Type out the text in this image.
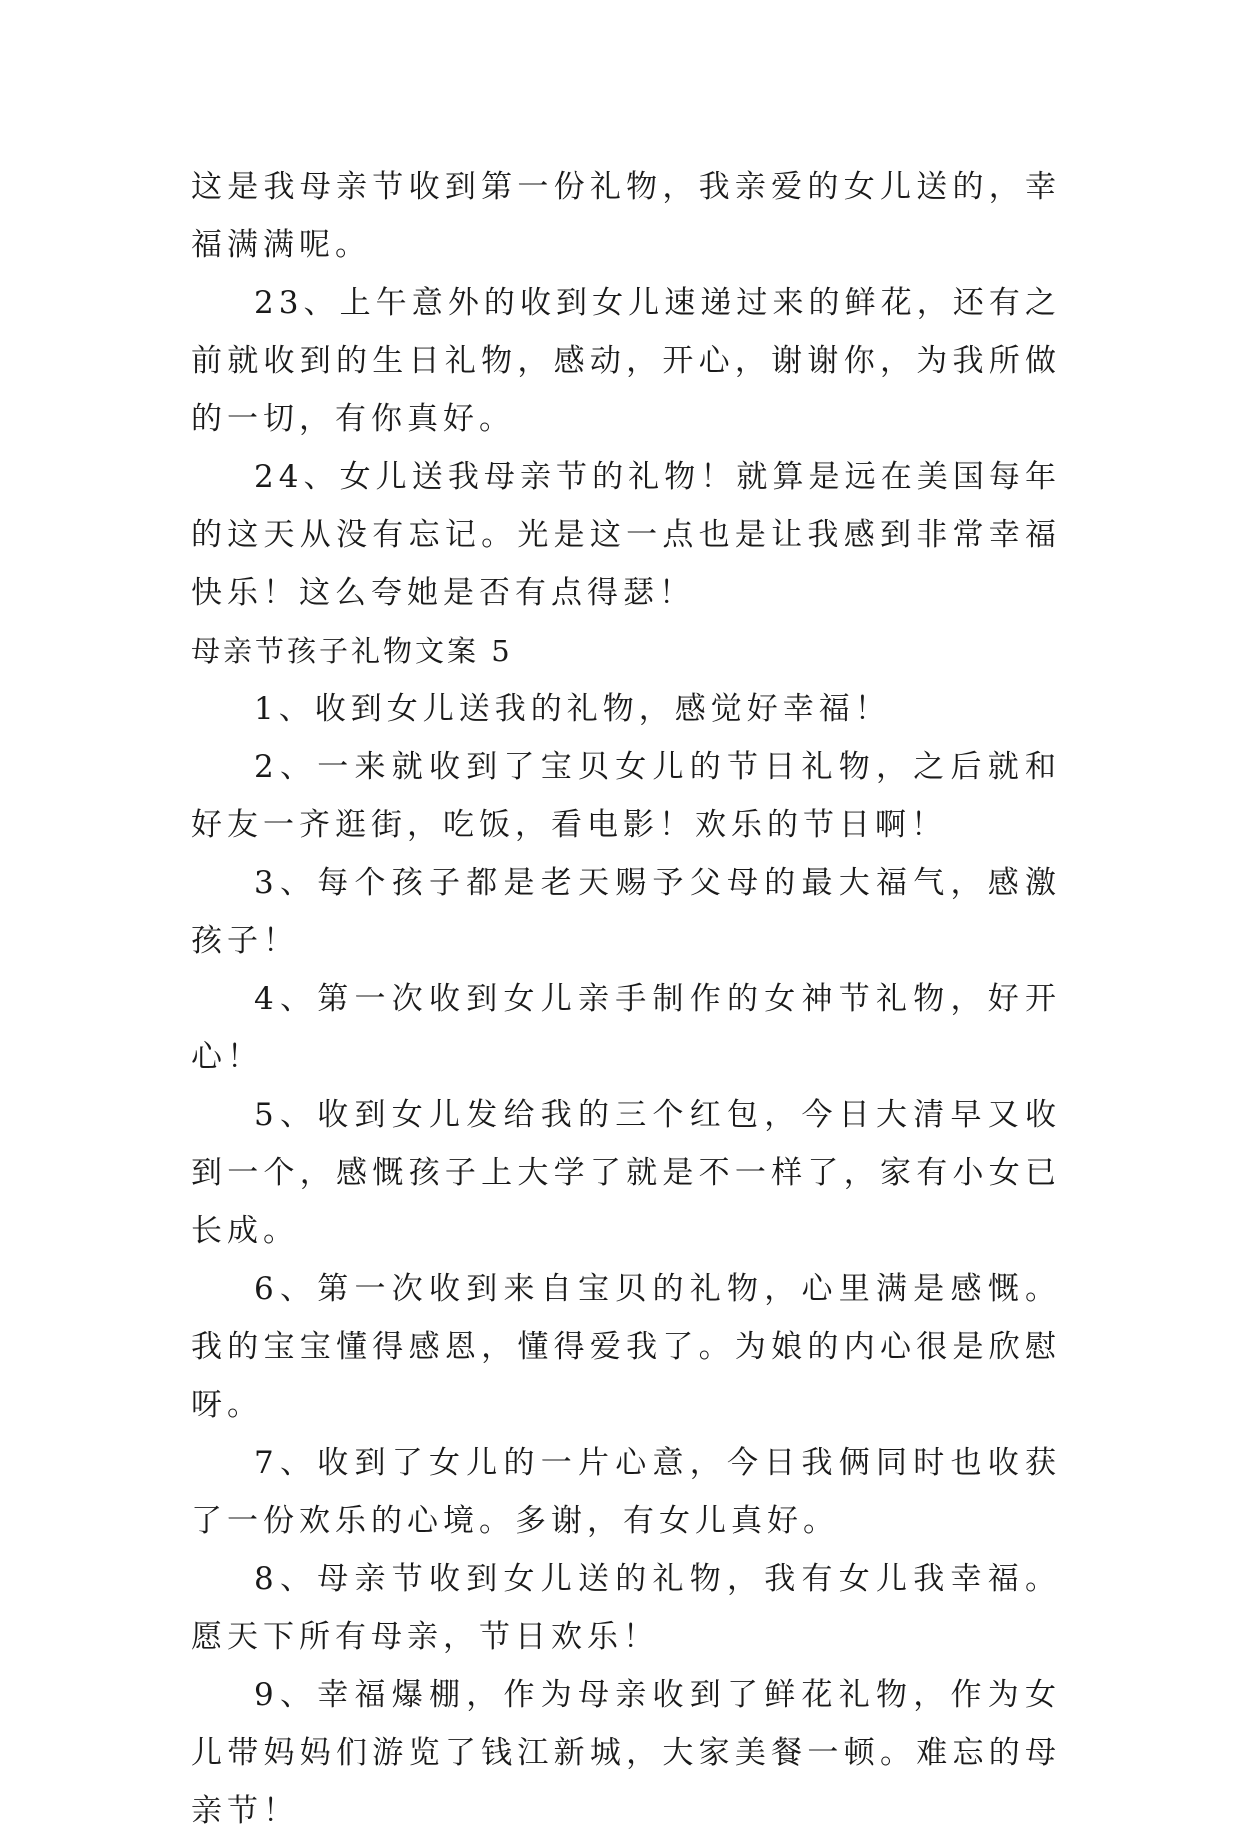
这是我母亲节收到第一份礼物，我亲爱的女儿送的，幸福满满呢。

23、上午意外的收到女儿速递过来的鲜花，还有之前就收到的生日礼物，感动，开心，谢谢你，为我所做的一切，有你真好。

24、女儿送我母亲节的礼物！就算是远在美国每年的这天从没有忘记。光是这一点也是让我感到非常幸福快乐！这么夸她是否有点得瑟！

母亲节孩子礼物文案 5

1、收到女儿送我的礼物，感觉好幸福！

2、一来就收到了宝贝女儿的节日礼物，之后就和好友一齐逛街，吃饭，看电影！欢乐的节日啊！

3、每个孩子都是老天赐予父母的最大福气，感激孩子！

4、第一次收到女儿亲手制作的女神节礼物，好开心！

5、收到女儿发给我的三个红包，今日大清早又收到一个，感慨孩子上大学了就是不一样了，家有小女已长成。

6、第一次收到来自宝贝的礼物，心里满是感慨。我的宝宝懂得感恩，懂得爱我了。为娘的内心很是欣慰呀。

7、收到了女儿的一片心意，今日我俩同时也收获了一份欢乐的心境。多谢，有女儿真好。

8、母亲节收到女儿送的礼物，我有女儿我幸福。愿天下所有母亲，节日欢乐！

9、幸福爆棚，作为母亲收到了鲜花礼物，作为女儿带妈妈们游览了钱江新城，大家美餐一顿。难忘的母亲节！
